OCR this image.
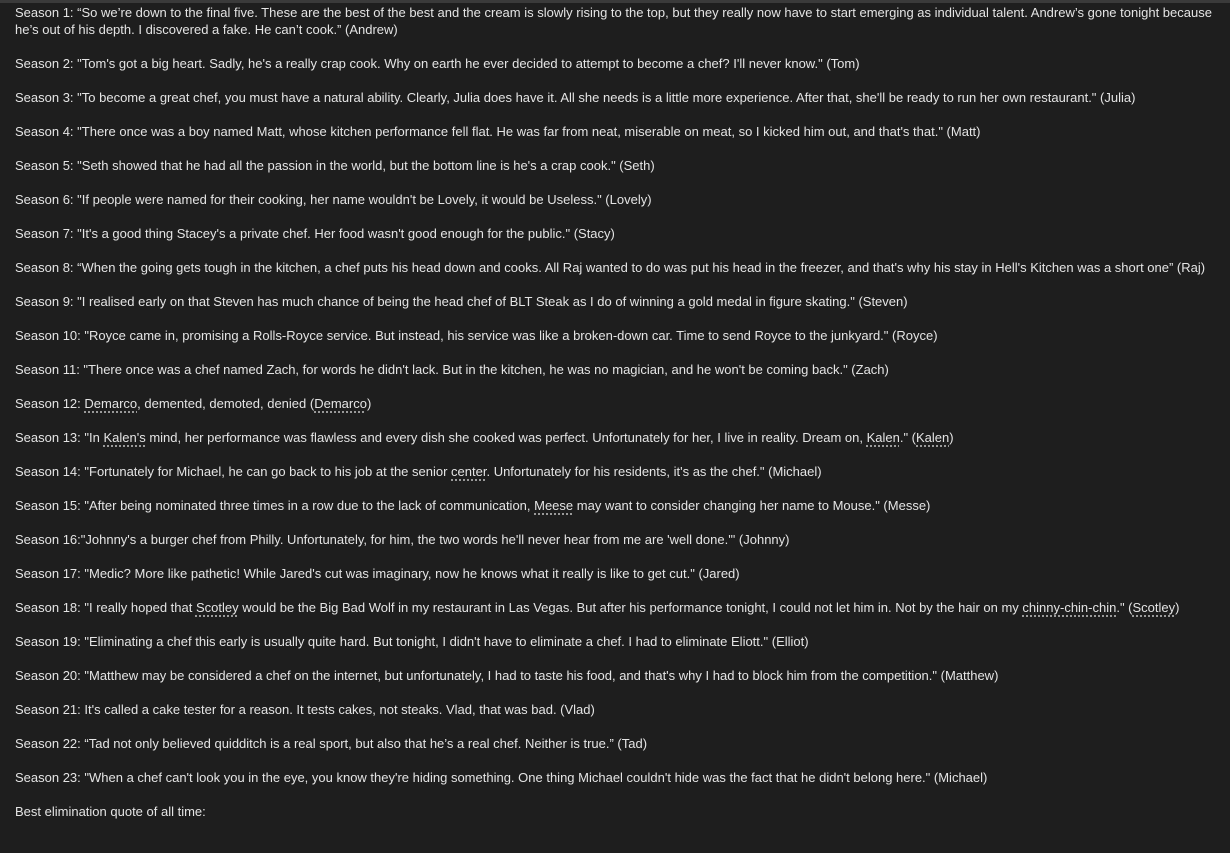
Season 1: “So we’re down to the final five. These are the best of the best and the cream is slowly rising to the top, but they really now have to start emerging as individual talent. Andrew’s gone tonight because he’s out of his depth. I discovered a fake. He can’t cook.” (Andrew)

Season 2: "Tom's got a big heart. Sadly, he's a really crap cook. Why on earth he ever decided to attempt to become a chef? I'll never know." (Tom)

Season 3: "To become a great chef, you must have a natural ability. Clearly, Julia does have it. All she needs is a little more experience. After that, she'll be ready to run her own restaurant." (Julia)

Season 4: "There once was a boy named Matt, whose kitchen performance fell flat. He was far from neat, miserable on meat, so I kicked him out, and that's that." (Matt)

Season 5: "Seth showed that he had all the passion in the world, but the bottom line is he's a crap cook." (Seth)

Season 6: "If people were named for their cooking, her name wouldn't be Lovely, it would be Useless." (Lovely)

Season 7: "It's a good thing Stacey's a private chef. Her food wasn't good enough for the public." (Stacy)

Season 8: “When the going gets tough in the kitchen, a chef puts his head down and cooks. All Raj wanted to do was put his head in the freezer, and that's why his stay in Hell's Kitchen was a short one” (Raj)

Season 9: "I realised early on that Steven has much chance of being the head chef of BLT Steak as I do of winning a gold medal in figure skating." (Steven)

Season 10: "Royce came in, promising a Rolls-Royce service. But instead, his service was like a broken-down car. Time to send Royce to the junkyard." (Royce)

Season 11: "There once was a chef named Zach, for words he didn't lack. But in the kitchen, he was no magician, and he won't be coming back." (Zach)

Season 12: Demarco, demented, demoted, denied (Demarco)

Season 13: "In Kalen's mind, her performance was flawless and every dish she cooked was perfect. Unfortunately for her, I live in reality. Dream on, Kalen." (Kalen)

Season 14: "Fortunately for Michael, he can go back to his job at the senior center. Unfortunately for his residents, it's as the chef." (Michael)

Season 15: "After being nominated three times in a row due to the lack of communication, Meese may want to consider changing her name to Mouse." (Messe)

Season 16:"Johnny's a burger chef from Philly. Unfortunately, for him, the two words he'll never hear from me are 'well done.'" (Johnny)

Season 17: "Medic? More like pathetic! While Jared's cut was imaginary, now he knows what it really is like to get cut." (Jared)

Season 18: "I really hoped that Scotley would be the Big Bad Wolf in my restaurant in Las Vegas. But after his performance tonight, I could not let him in. Not by the hair on my chinny-chin-chin." (Scotley)

Season 19: "Eliminating a chef this early is usually quite hard. But tonight, I didn't have to eliminate a chef. I had to eliminate Eliott." (Elliot)

Season 20: "Matthew may be considered a chef on the internet, but unfortunately, I had to taste his food, and that's why I had to block him from the competition." (Matthew)

Season 21: It's called a cake tester for a reason. It tests cakes, not steaks. Vlad, that was bad. (Vlad)

Season 22: “Tad not only believed quidditch is a real sport, but also that he’s a real chef. Neither is true.” (Tad)

Season 23: "When a chef can't look you in the eye, you know they're hiding something. One thing Michael couldn't hide was the fact that he didn't belong here." (Michael)

Best elimination quote of all time:
